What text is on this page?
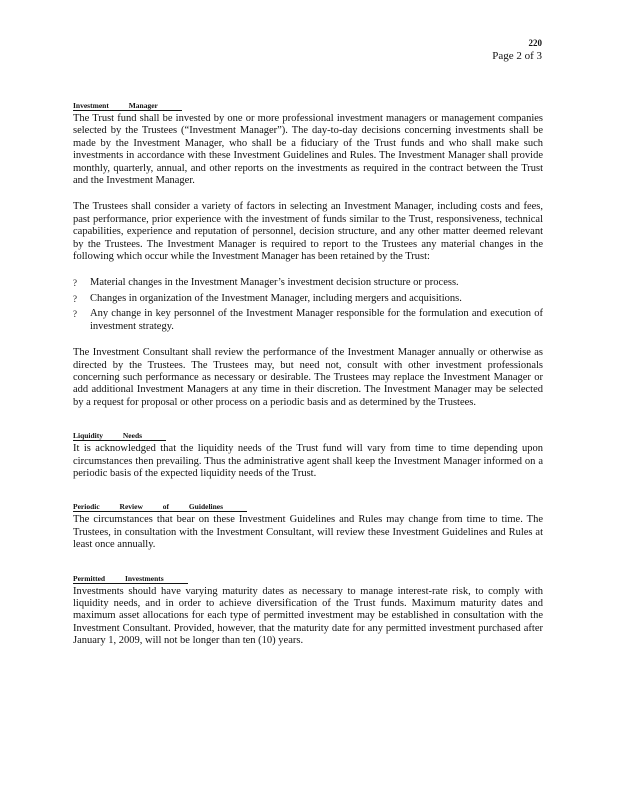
220
Page 2 of 3
Investment Manager

The Trust fund shall be invested by one or more professional investment managers or management companies selected by the Trustees (“Investment Manager”). The day-to-day decisions concerning investments shall be made by the Investment Manager, who shall be a fiduciary of the Trust funds and who shall make such investments in accordance with these Investment Guidelines and Rules. The Investment Manager shall provide monthly, quarterly, annual, and other reports on the investments as required in the contract between the Trust and the Investment Manager.

The Trustees shall consider a variety of factors in selecting an Investment Manager, including costs and fees, past performance, prior experience with the investment of funds similar to the Trust, responsiveness, technical capabilities, experience and reputation of personnel, decision structure, and any other matter deemed relevant by the Trustees. The Investment Manager is required to report to the Trustees any material changes in the following which occur while the Investment Manager has been retained by the Trust:

? Material changes in the Investment Manager’s investment decision structure or process.
? Changes in organization of the Investment Manager, including mergers and acquisitions.
? Any change in key personnel of the Investment Manager responsible for the formulation and execution of investment strategy.

The Investment Consultant shall review the performance of the Investment Manager annually or otherwise as directed by the Trustees. The Trustees may, but need not, consult with other investment professionals concerning such performance as necessary or desirable. The Trustees may replace the Investment Manager or add additional Investment Managers at any time in their discretion. The Investment Manager may be selected by a request for proposal or other process on a periodic basis and as determined by the Trustees.

Liquidity Needs

It is acknowledged that the liquidity needs of the Trust fund will vary from time to time depending upon circumstances then prevailing. Thus the administrative agent shall keep the Investment Manager informed on a periodic basis of the expected liquidity needs of the Trust.

Periodic Review of Guidelines

The circumstances that bear on these Investment Guidelines and Rules may change from time to time. The Trustees, in consultation with the Investment Consultant, will review these Investment Guidelines and Rules at least once annually.

Permitted Investments

Investments should have varying maturity dates as necessary to manage interest-rate risk, to comply with liquidity needs, and in order to achieve diversification of the Trust funds. Maximum maturity dates and maximum asset allocations for each type of permitted investment may be established in consultation with the Investment Consultant. Provided, however, that the maturity date for any permitted investment purchased after January 1, 2009, will not be longer than ten (10) years.
